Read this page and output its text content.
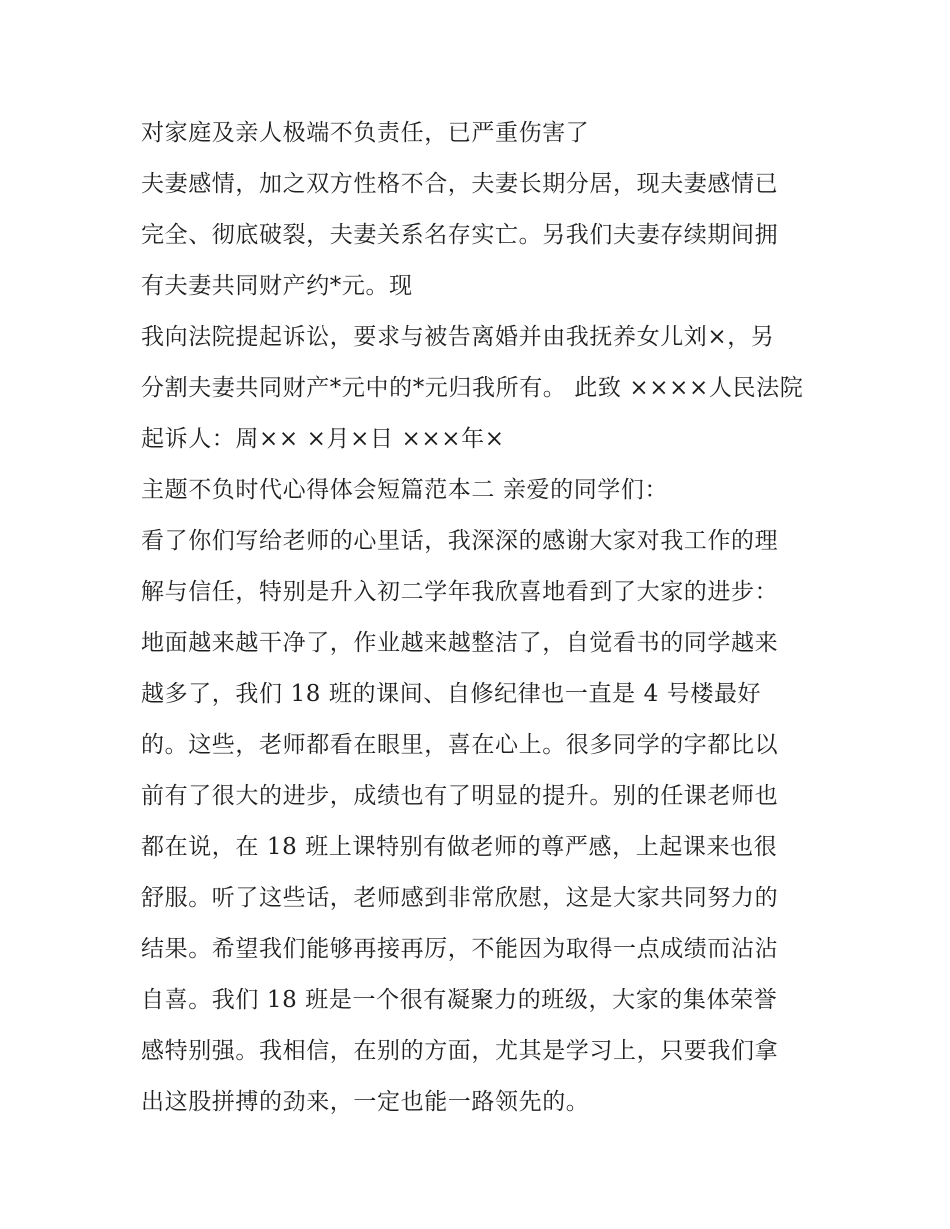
对家庭及亲人极端不负责任，已严重伤害了
夫妻感情，加之双方性格不合，夫妻长期分居，现夫妻感情已
完全、彻底破裂，夫妻关系名存实亡。另我们夫妻存续期间拥
有夫妻共同财产约*元。现
我向法院提起诉讼，要求与被告离婚并由我抚养女儿刘×，另
分割夫妻共同财产*元中的*元归我所有。 此致 ××××人民法院
起诉人：周×× ×月×日 ×××年×
主题不负时代心得体会短篇范本二 亲爱的同学们：
看了你们写给老师的心里话，我深深的感谢大家对我工作的理
解与信任，特别是升入初二学年我欣喜地看到了大家的进步：
地面越来越干净了，作业越来越整洁了，自觉看书的同学越来
越多了，我们 18 班的课间、自修纪律也一直是 4 号楼最好
的。这些，老师都看在眼里，喜在心上。很多同学的字都比以
前有了很大的进步，成绩也有了明显的提升。别的任课老师也
都在说，在 18 班上课特别有做老师的尊严感，上起课来也很
舒服。听了这些话，老师感到非常欣慰，这是大家共同努力的
结果。希望我们能够再接再厉，不能因为取得一点成绩而沾沾
自喜。我们 18 班是一个很有凝聚力的班级，大家的集体荣誉
感特别强。我相信，在别的方面，尤其是学习上，只要我们拿
出这股拼搏的劲来，一定也能一路领先的。
